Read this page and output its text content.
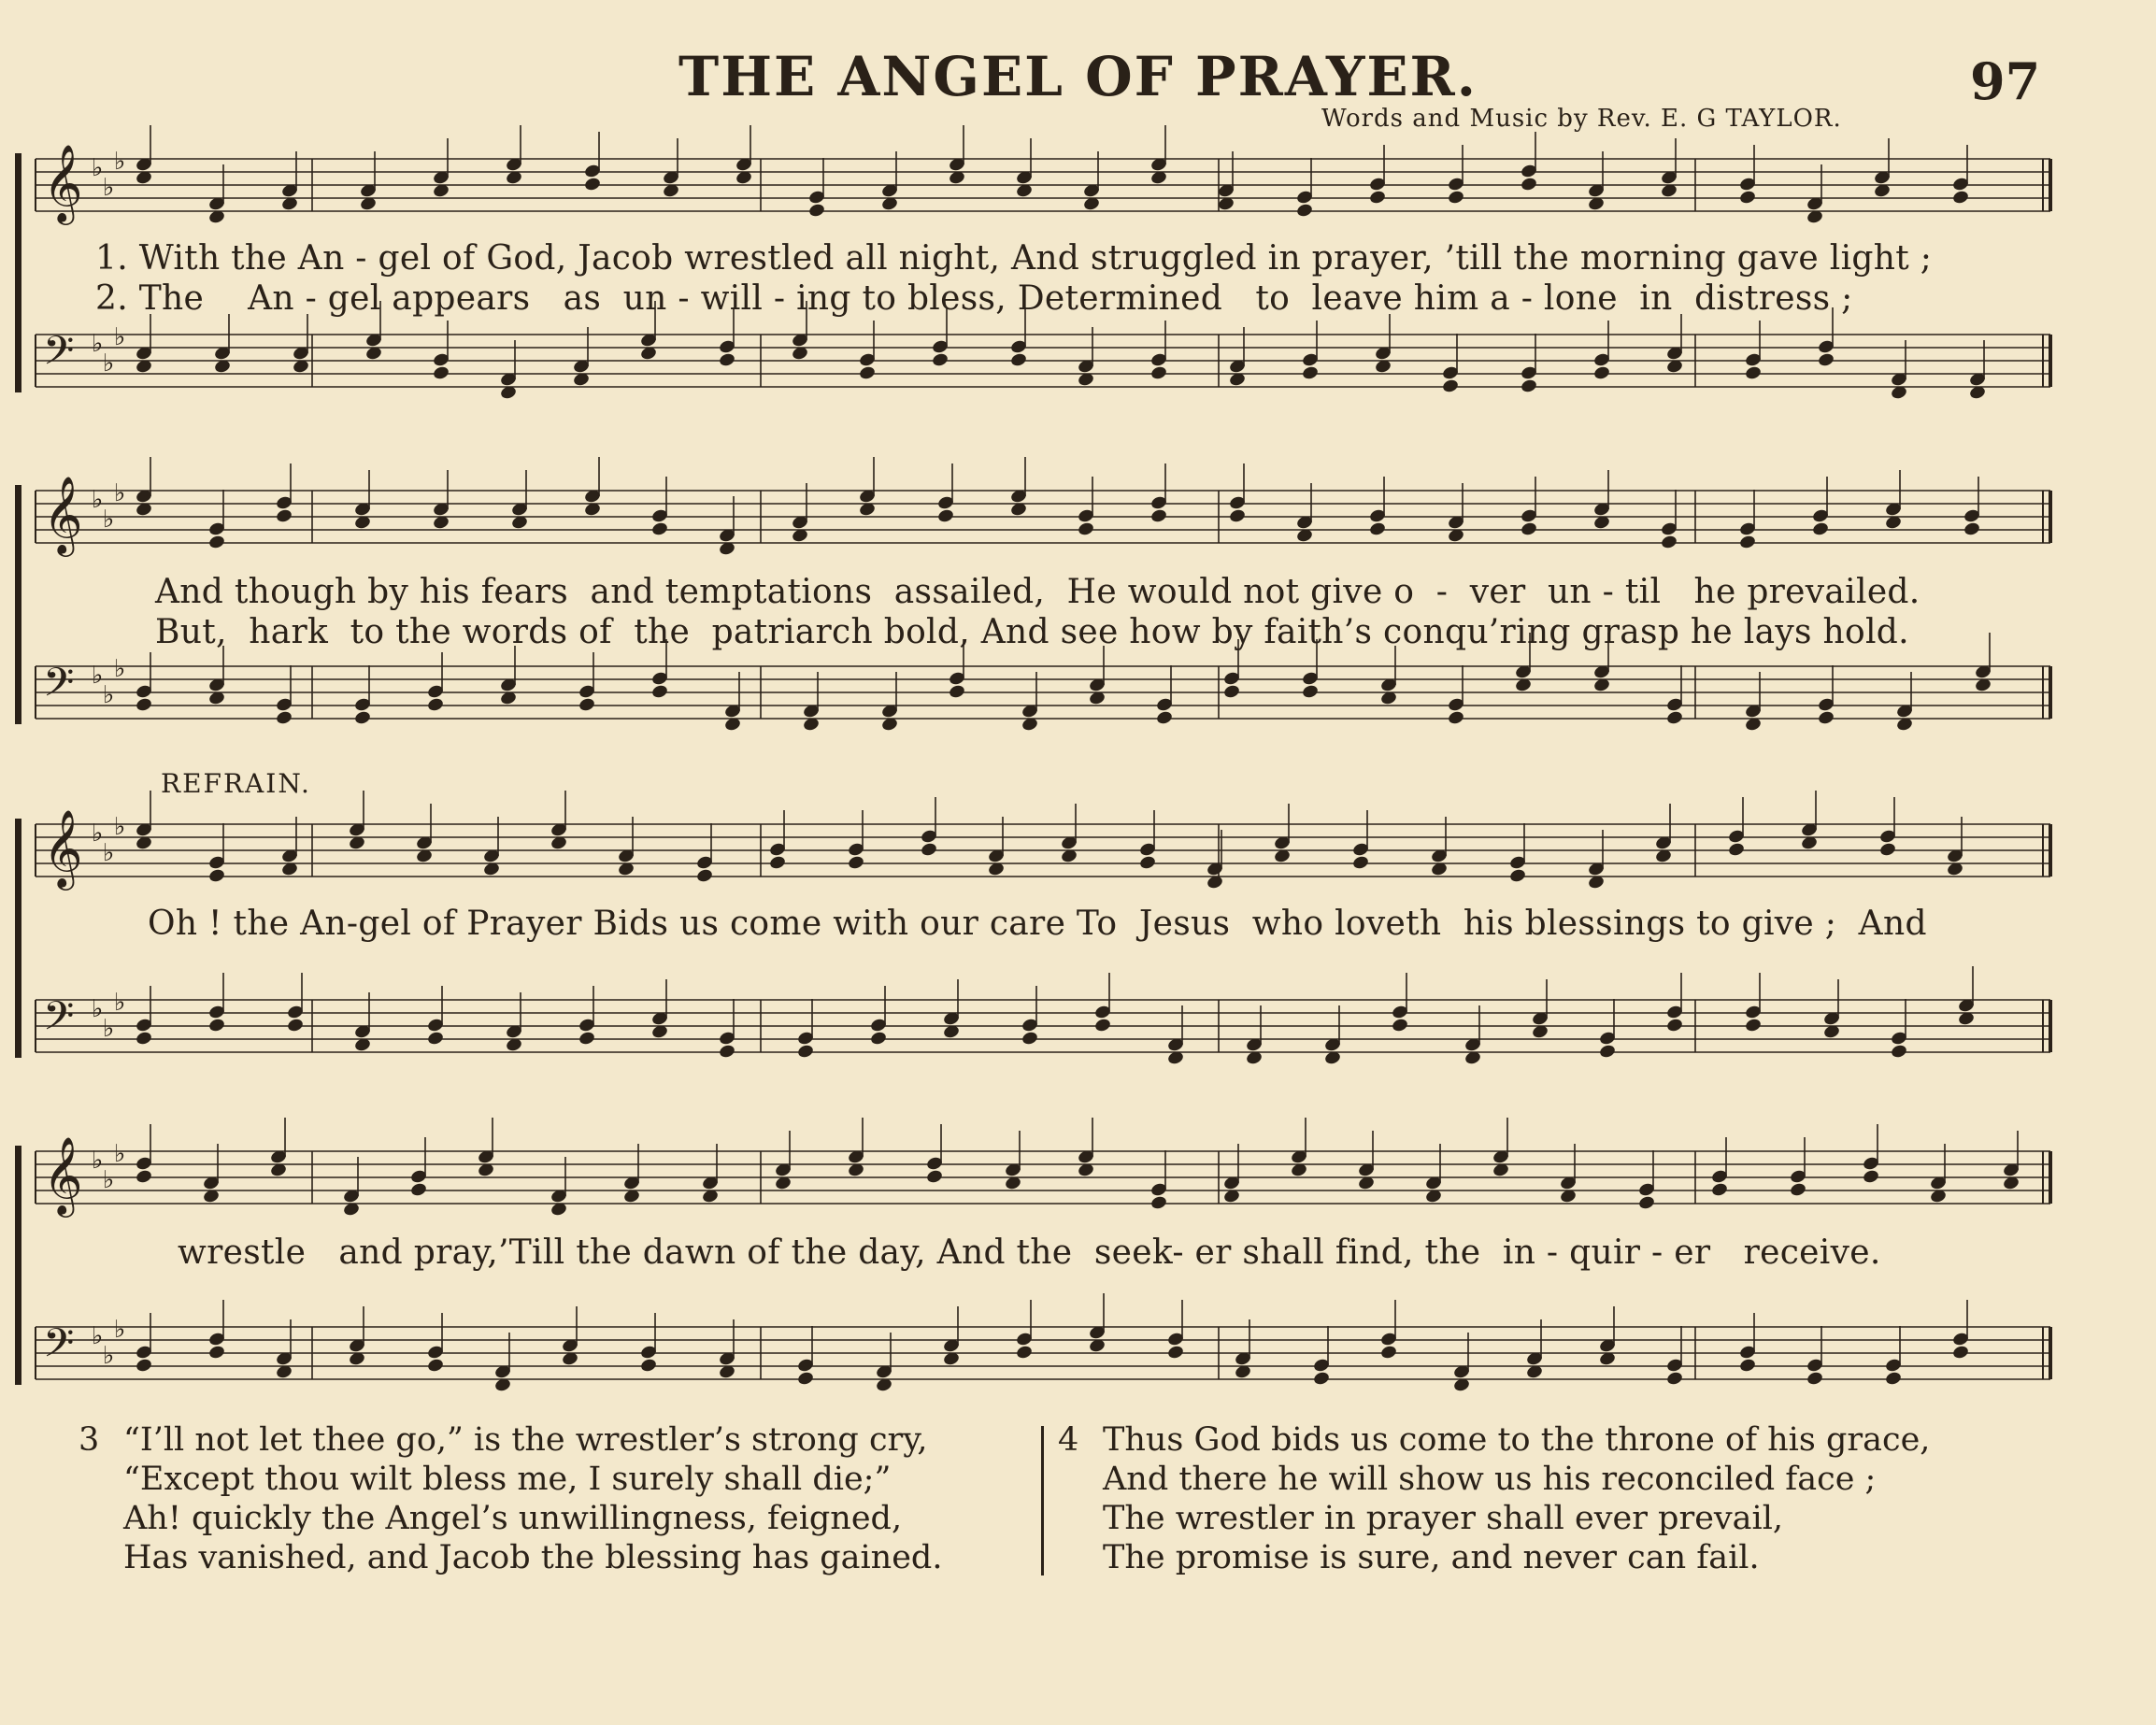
THE ANGEL OF PRAYER.	97
Words and Music by Rev. E. G TAYLOR.
𝄞 ♭
♭
♭
𝄢 ♭
♭
♭
1. With the An - gel of God, Jacob wrestled all night, And struggled in prayer, ’till the morning gave light ;
2. The    An - gel appears   as  un - will - ing to bless, Determined   to  leave him a - lone  in  distress ;
𝄞 ♭
♭
♭
𝄢 ♭
♭
♭
And though by his fears  and temptations  assailed,  He would not give o  -  ver  un - til   he prevailed.
But,  hark  to the words of  the  patriarch bold, And see how by faith’s conqu’ring grasp he lays hold.
REFRAIN.
𝄞 ♭
♭
♭
𝄢 ♭
♭
♭
Oh ! the An-gel of Prayer Bids us come with our care To  Jesus  who loveth  his blessings to give ;  And
𝄞 ♭
♭
♭
𝄢 ♭
♭
♭
wrestle   and pray,’Till the dawn of the day, And the  seek- er shall find, the  in - quir - er   receive.
3 “I’ll not let thee go,” is the wrestler’s strong cry,
“Except thou wilt bless me, I surely shall die;”
Ah! quickly the Angel’s unwillingness, feigned,
Has vanished, and Jacob the blessing has gained.
4 Thus God bids us come to the throne of his grace,
And there he will show us his reconciled face ;
The wrestler in prayer shall ever prevail,
The promise is sure, and never can fail.
